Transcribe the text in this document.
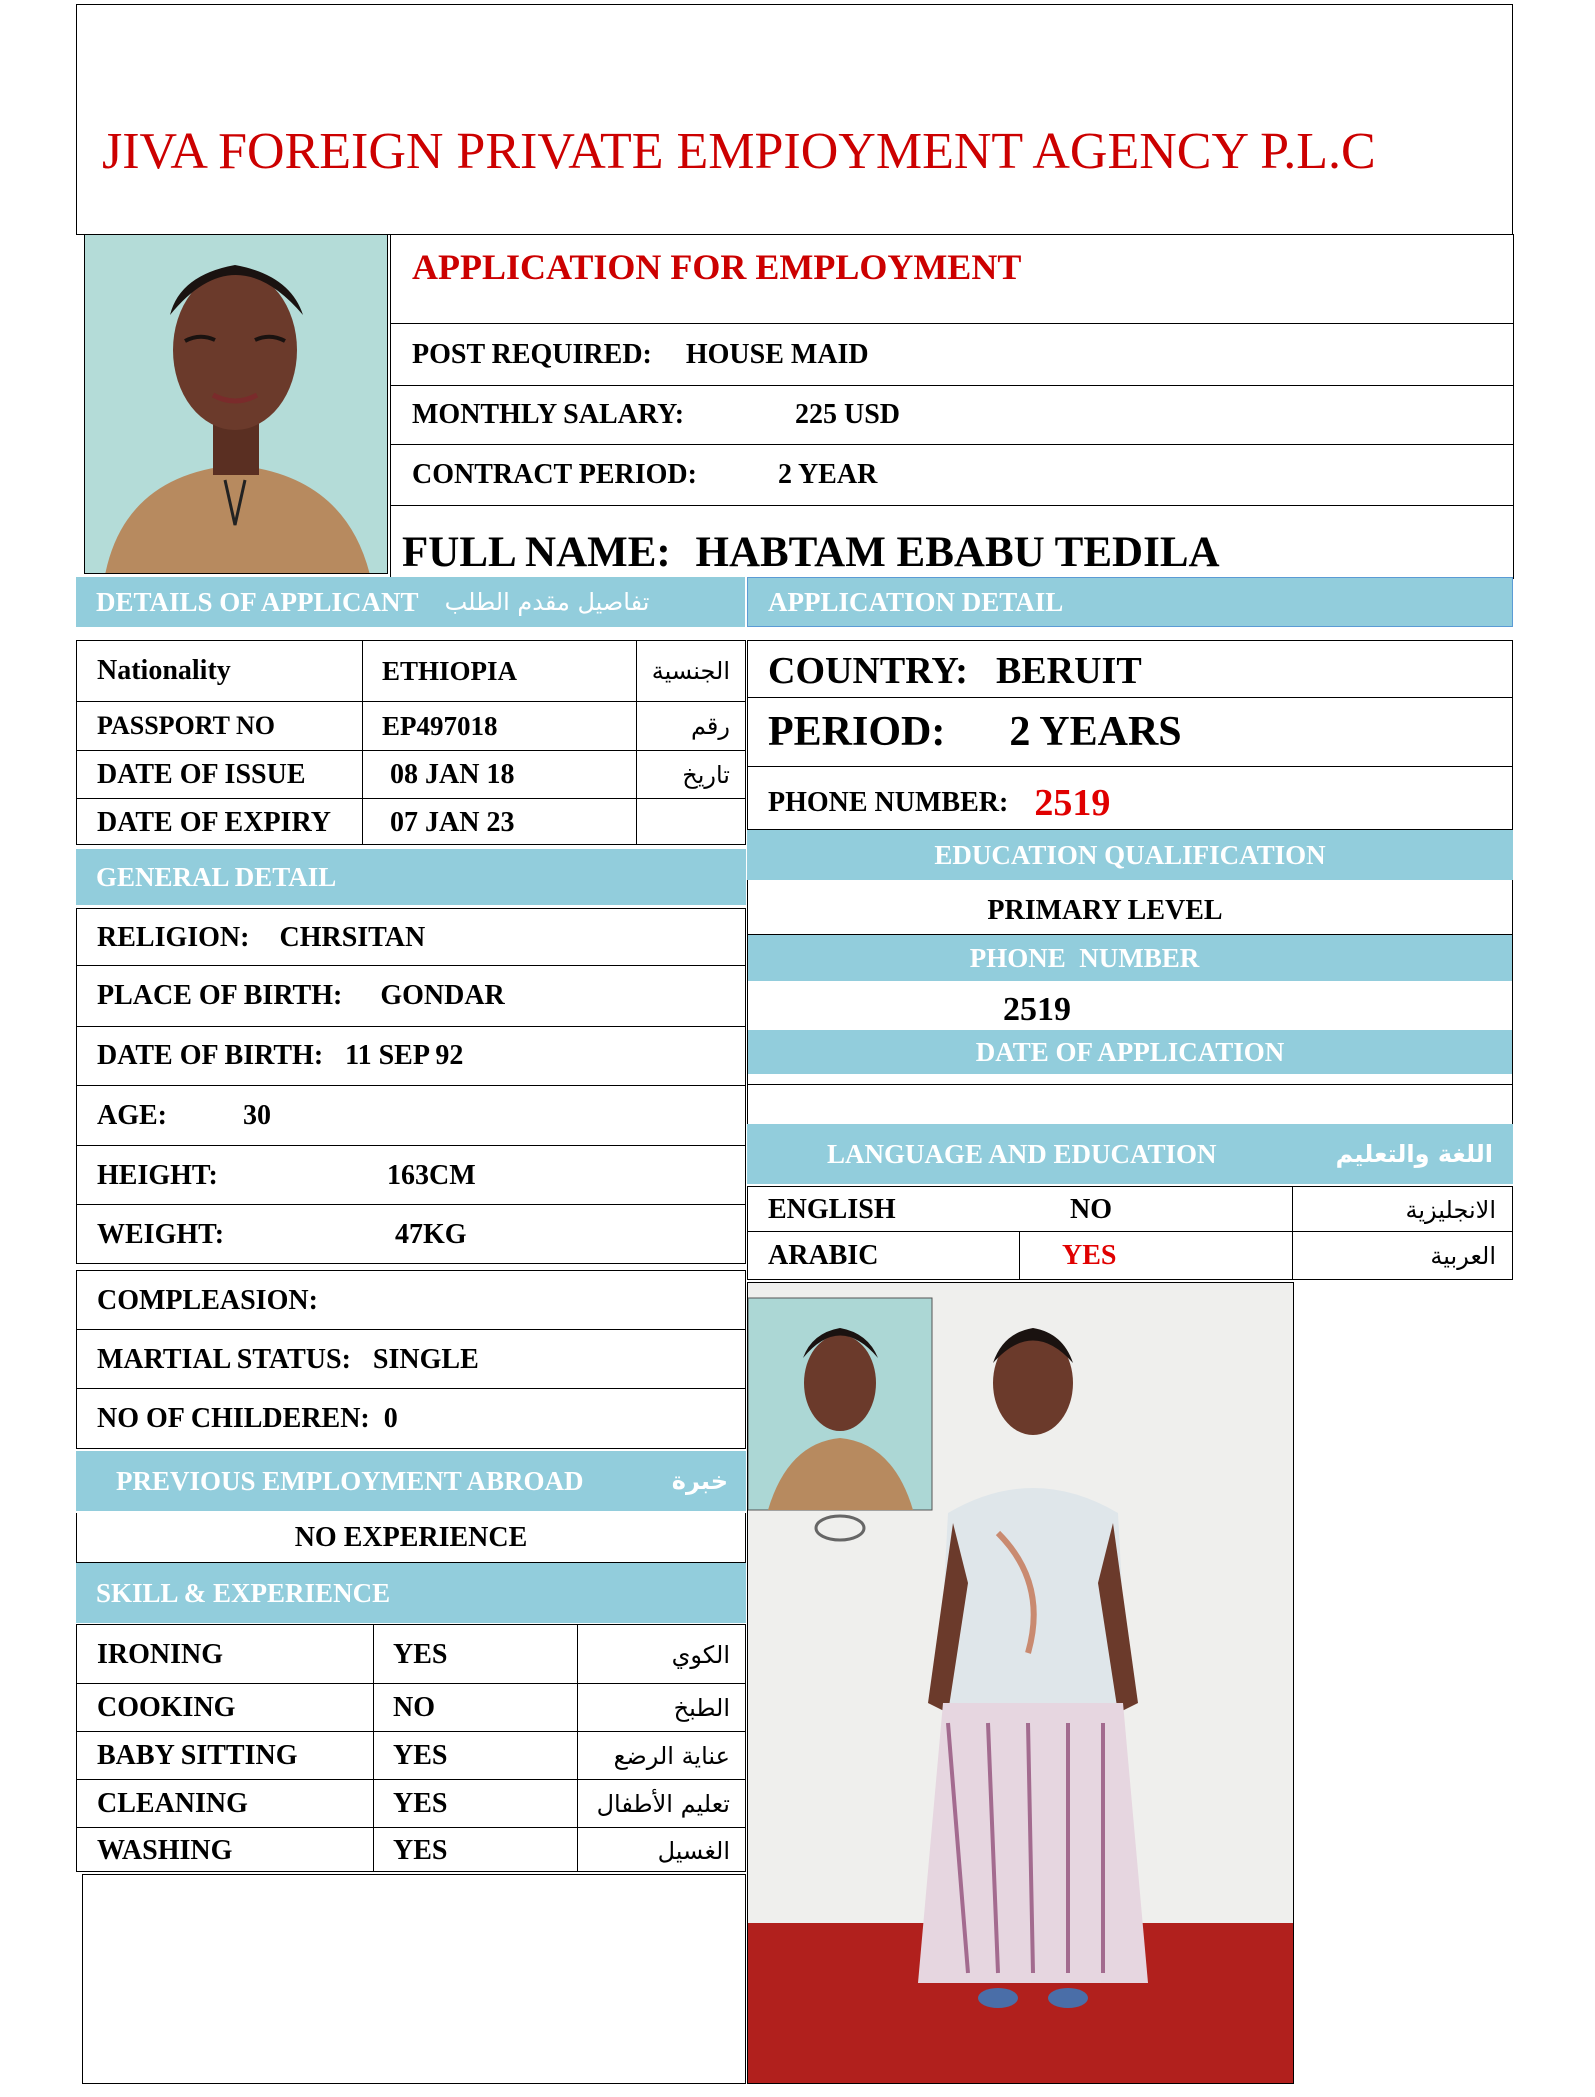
JIVA FOREIGN PRIVATE EMPIOYMENT AGENCY P.L.C
APPLICATION FOR EMPLOYMENT
POST REQUIRED: HOUSE MAID
MONTHLY SALARY:	225 USD
CONTRACT PERIOD:	2 YEAR
FULL NAME: HABTAM EBABU TEDILA
DETAILS OF APPLICANT تفاصيل مقدم الطلب	APPLICATION DETAIL
Nationality	ETHIOPIA	الجنسية
PASSPORT NO	EP497018	رقم
DATE OF ISSUE	08 JAN 18	تاريخ
DATE OF EXPIRY 07 JAN 23
COUNTRY: BERUIT
PERIOD: 2 YEARS
PHONE NUMBER: 2519
GENERAL DETAIL
EDUCATION QUALIFICATION
PRIMARY LEVEL
PHONE  NUMBER
2519
DATE OF APPLICATION
LANGUAGE AND EDUCATION	اللغة والتعليم
ENGLISH	NO	الانجليزية
ARABIC	YES	العربية
RELIGION: CHRSITAN
PLACE OF BIRTH: GONDAR
DATE OF BIRTH: 11 SEP 92
AGE:	30
HEIGHT:	163CM
WEIGHT:	47KG
COMPLEASION:
MARTIAL STATUS: SINGLE
NO OF CHILDEREN: 0
PREVIOUS EMPLOYMENT ABROAD	خبرة
NO EXPERIENCE
SKILL & EXPERIENCE
IRONING	YES	الكوي
COOKING	NO	الطبخ
BABY SITTING	YES	عناية الرضع
CLEANING	YES	تعليم الأطفال
WASHING	YES	الغسيل
